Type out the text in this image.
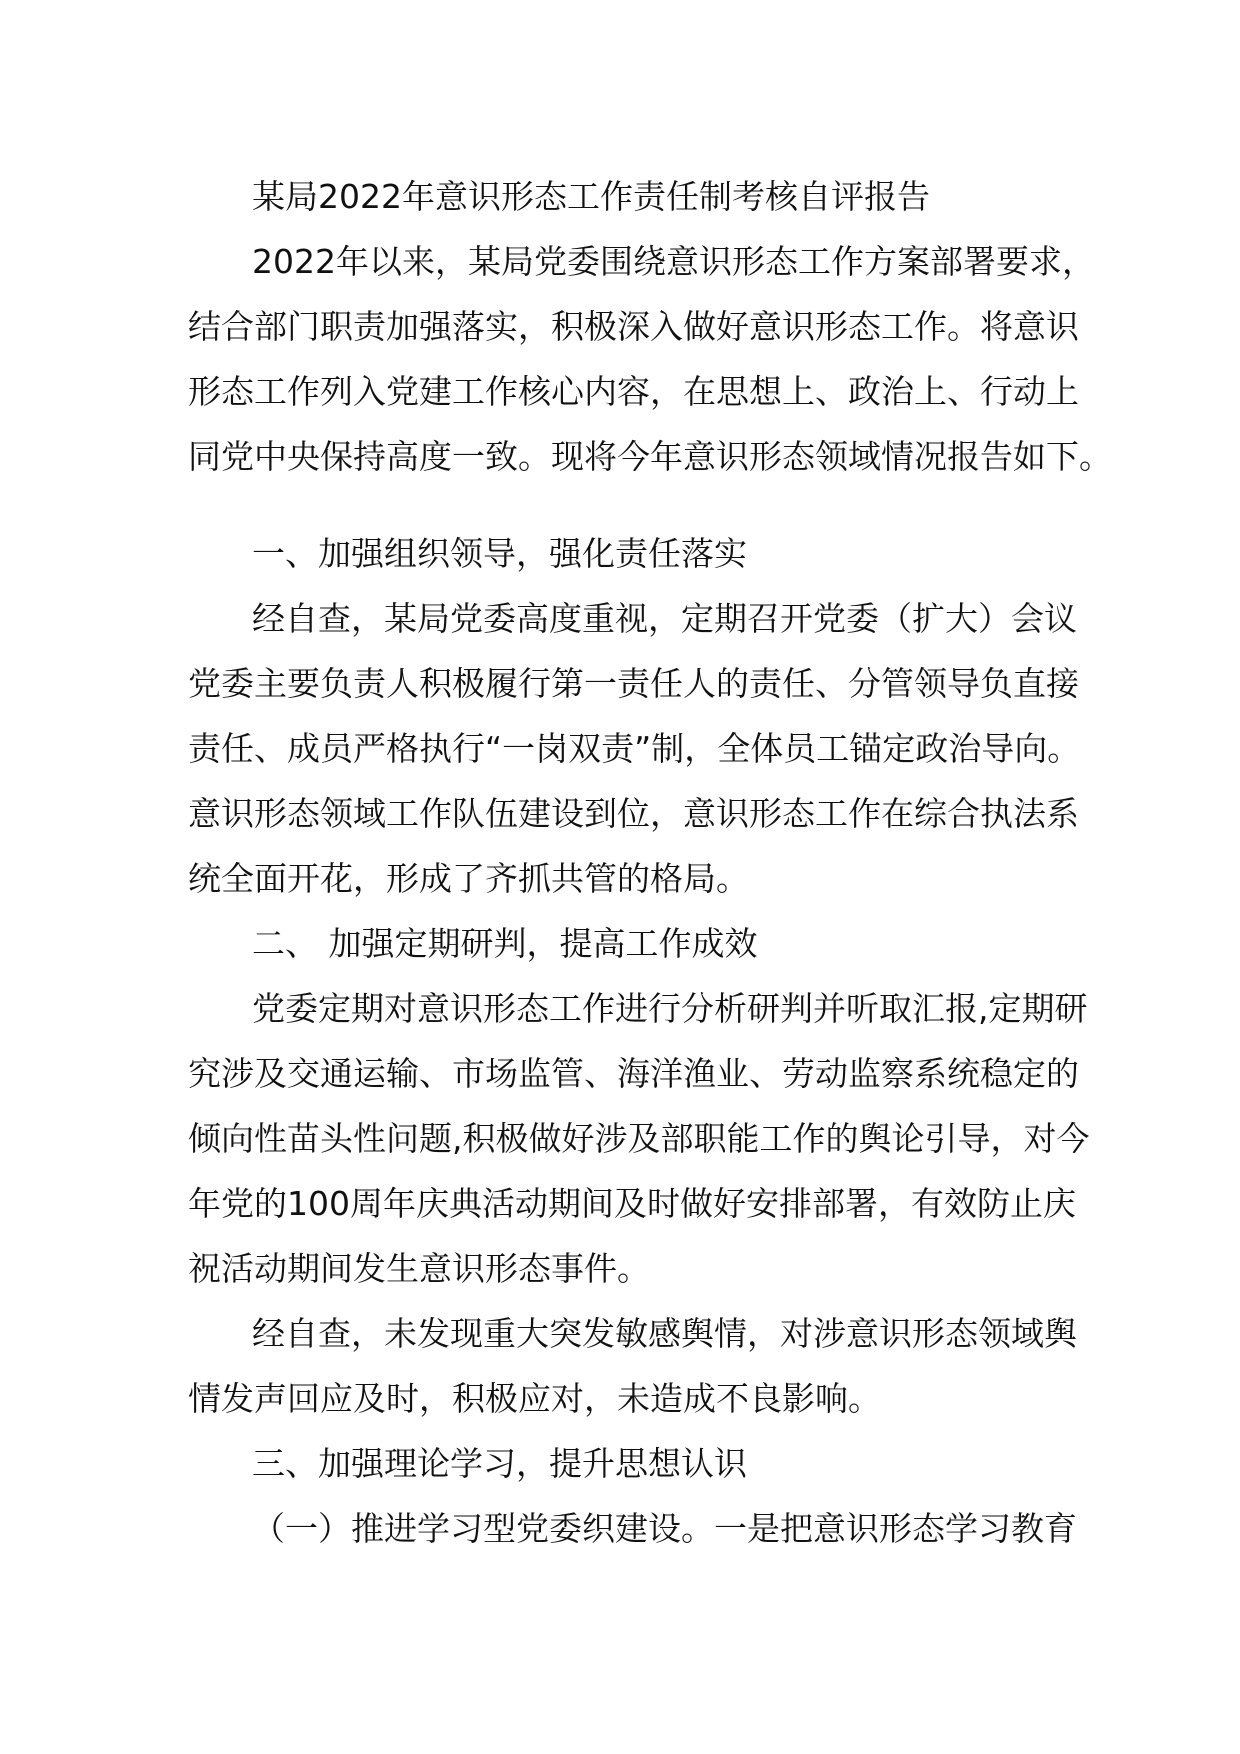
某局2022年意识形态工作责任制考核自评报告
2022年以来，某局党委围绕意识形态工作方案部署要求，
结合部门职责加强落实，积极深入做好意识形态工作。将意识
形态工作列入党建工作核心内容，在思想上、政治上、行动上
同党中央保持高度一致。现将今年意识形态领域情况报告如下。
一、加强组织领导，强化责任落实
经自查，某局党委高度重视，定期召开党委（扩大）会议
党委主要负责人积极履行第一责任人的责任、分管领导负直接
责任、成员严格执行“一岗双责”制，全体员工锚定政治导向。
意识形态领域工作队伍建设到位，意识形态工作在综合执法系
统全面开花，形成了齐抓共管的格局。
二、 加强定期研判，提高工作成效
党委定期对意识形态工作进行分析研判并听取汇报,定期研
究涉及交通运输、市场监管、海洋渔业、劳动监察系统稳定的
倾向性苗头性问题,积极做好涉及部职能工作的舆论引导，对今
年党的100周年庆典活动期间及时做好安排部署，有效防止庆
祝活动期间发生意识形态事件。
经自查，未发现重大突发敏感舆情，对涉意识形态领域舆
情发声回应及时，积极应对，未造成不良影响。
三、加强理论学习，提升思想认识
（一）推进学习型党委织建设。一是把意识形态学习教育
